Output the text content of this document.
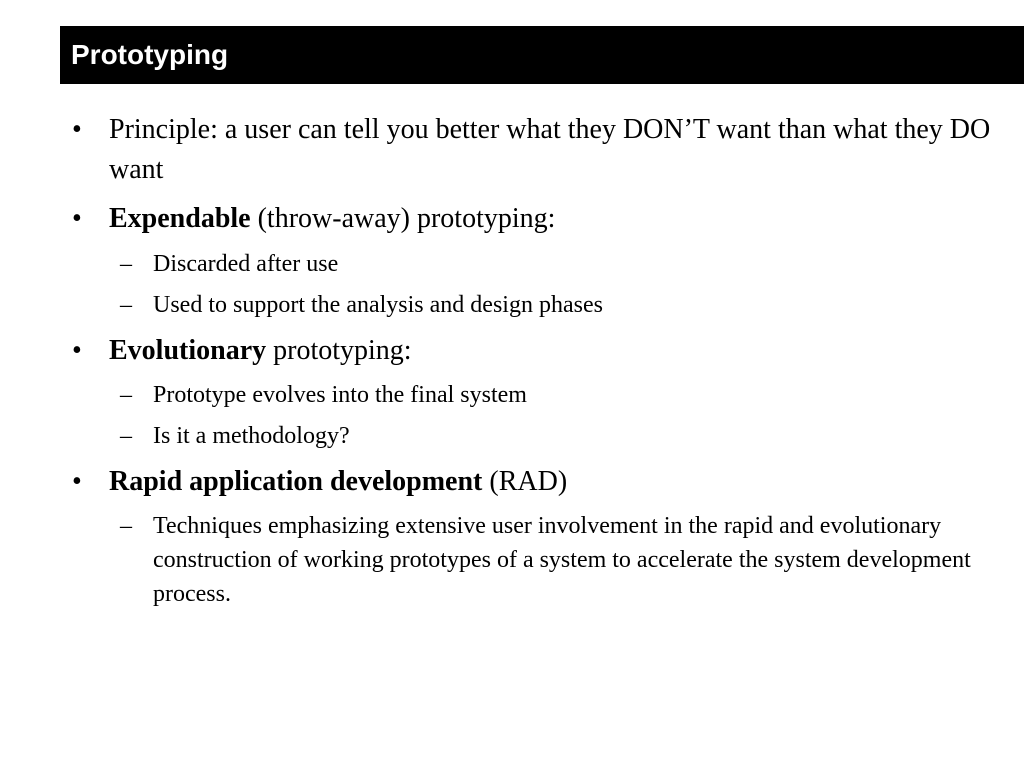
Prototyping
• Principle: a user can tell you better what they DON’T want than what they DO want
• Expendable (throw-away) prototyping:
– Discarded after use
– Used to support the analysis and design phases
• Evolutionary prototyping:
– Prototype evolves into the final system
– Is it a methodology?
• Rapid application development (RAD)
– Techniques emphasizing extensive user involvement in the rapid and evolutionary construction of working prototypes of a system to accelerate the system development process.
